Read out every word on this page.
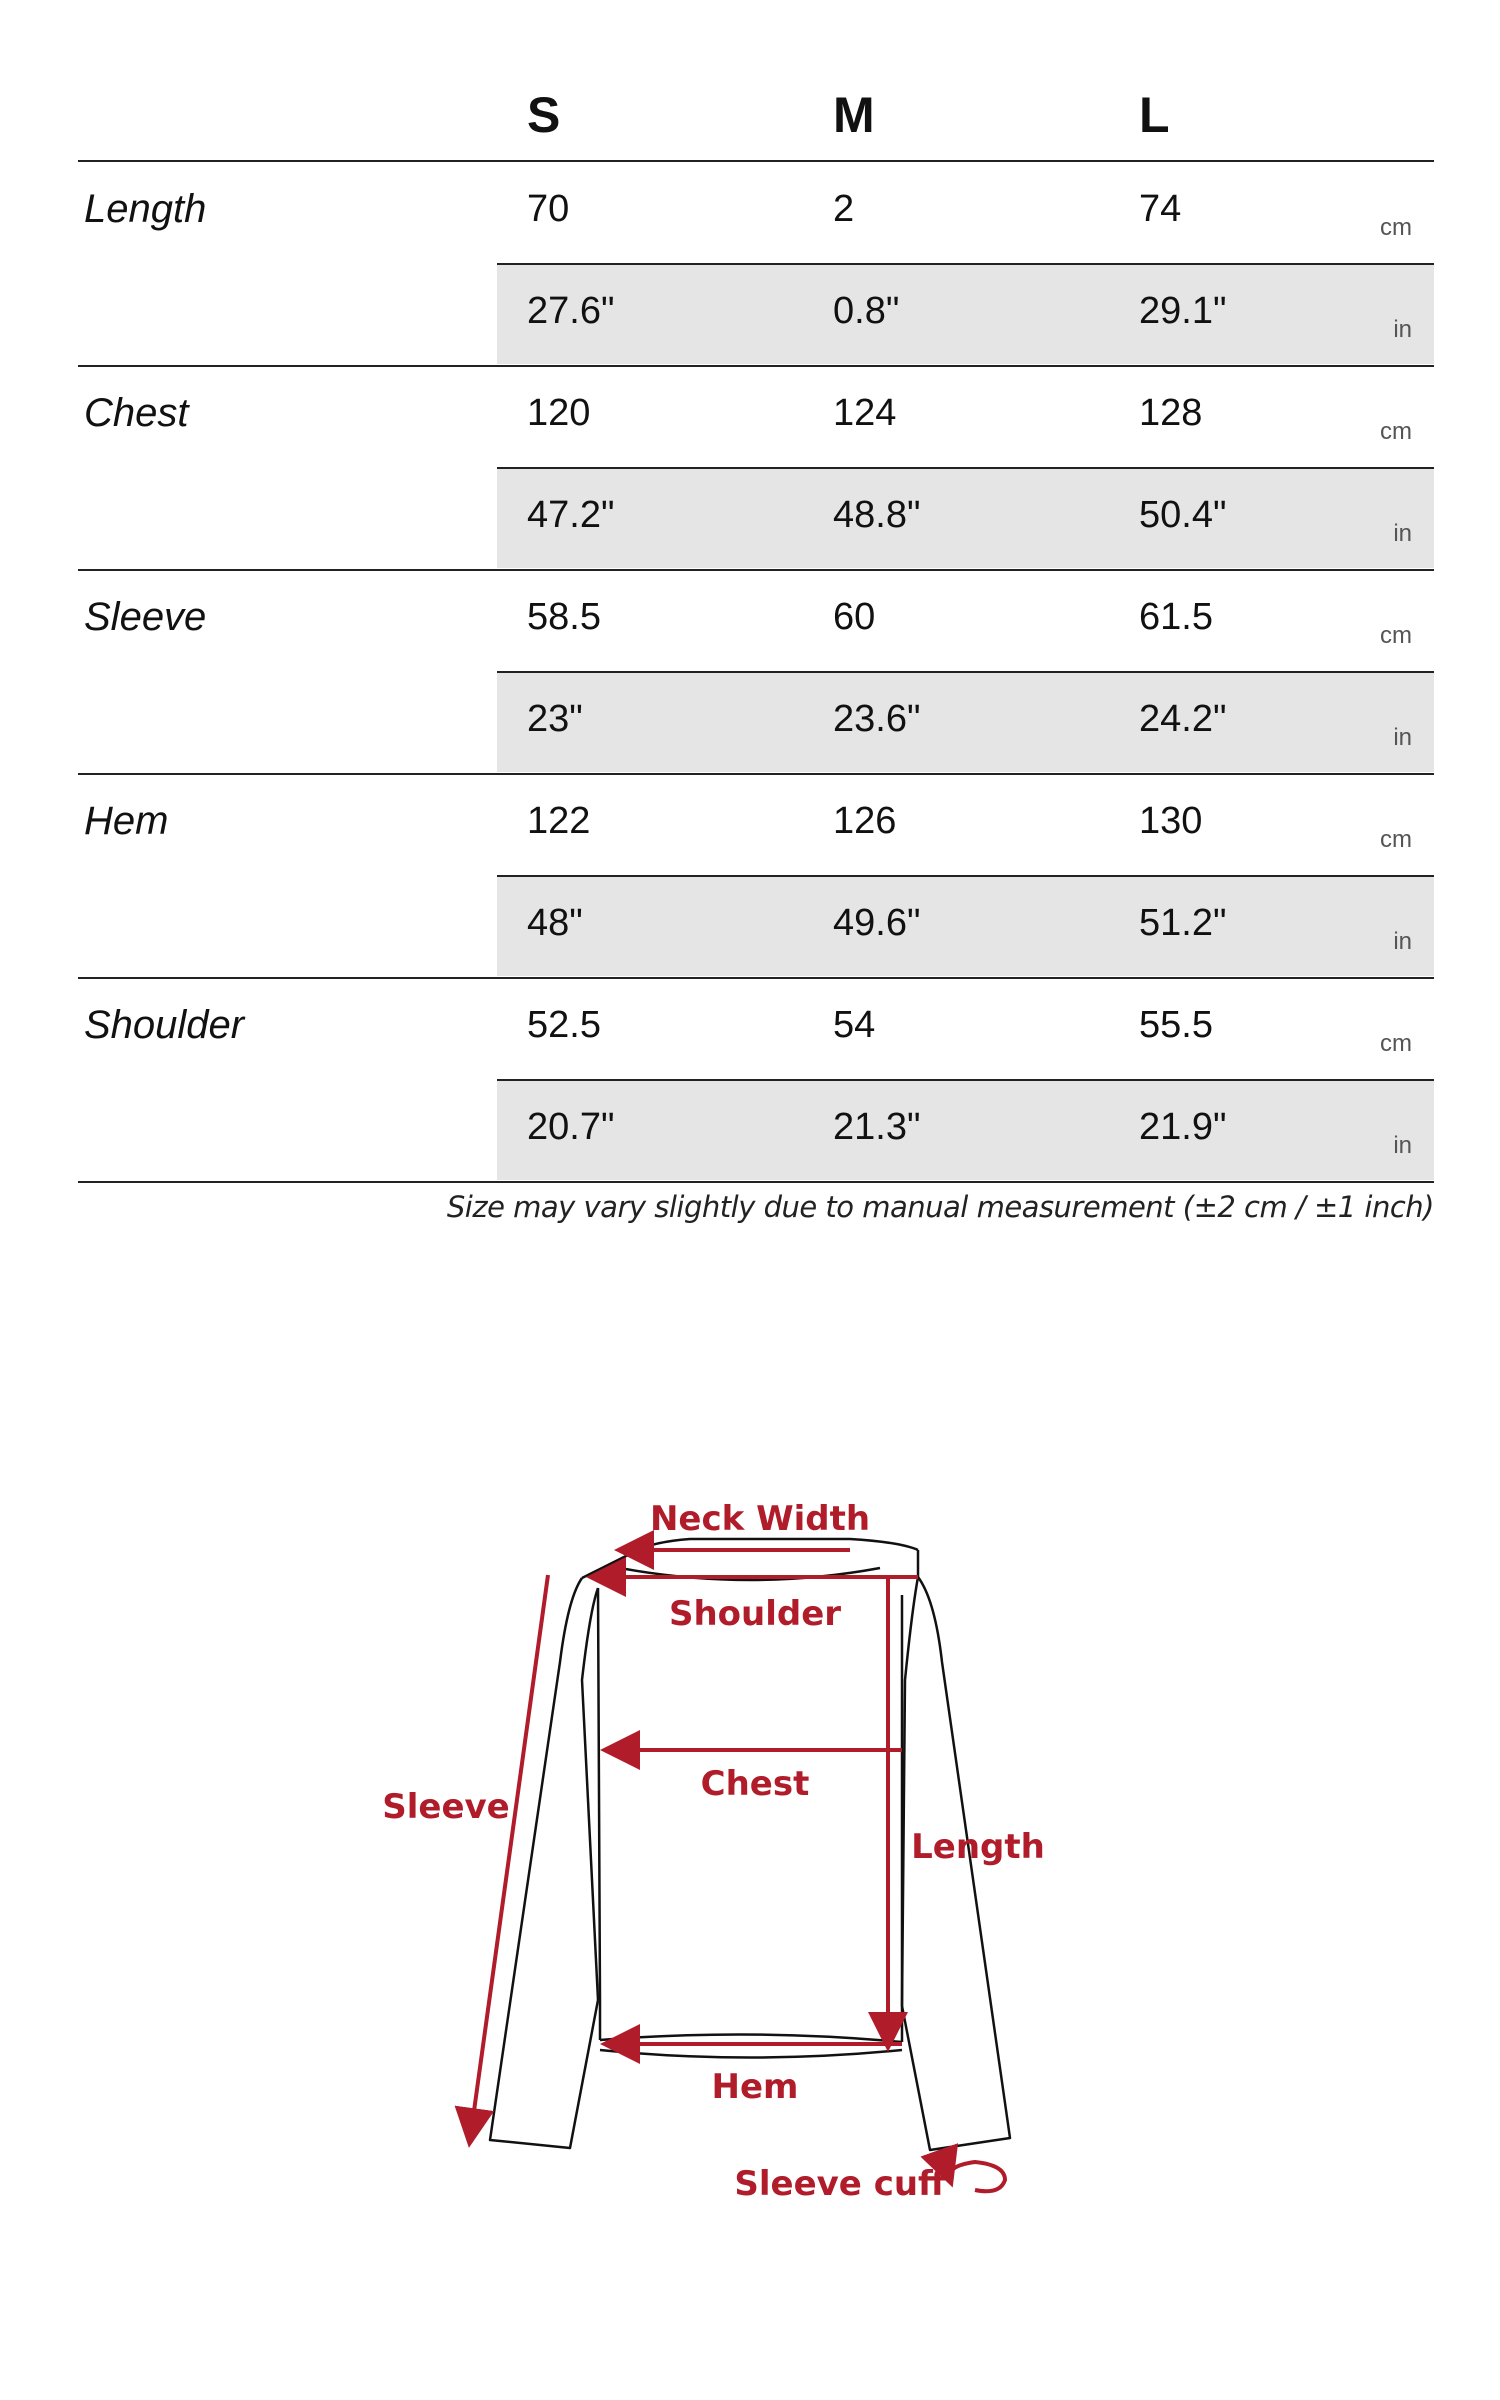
S	M	L
Length	70	2	74	cm
27.6"	0.8"	29.1"	in
Chest	120	124	128	cm
47.2"	48.8"	50.4"	in
Sleeve	58.5	60	61.5	cm
23"	23.6"	24.2"	in
Hem	122	126	130	cm
48"	49.6"	51.2"	in
Shoulder	52.5	54	55.5	cm
20.7"	21.3"	21.9"	in
Size may vary slightly due to manual measurement (±2 cm / ±1 inch)
Neck Width
Shoulder
Chest
Sleeve
Length
Hem
Sleeve cuff
